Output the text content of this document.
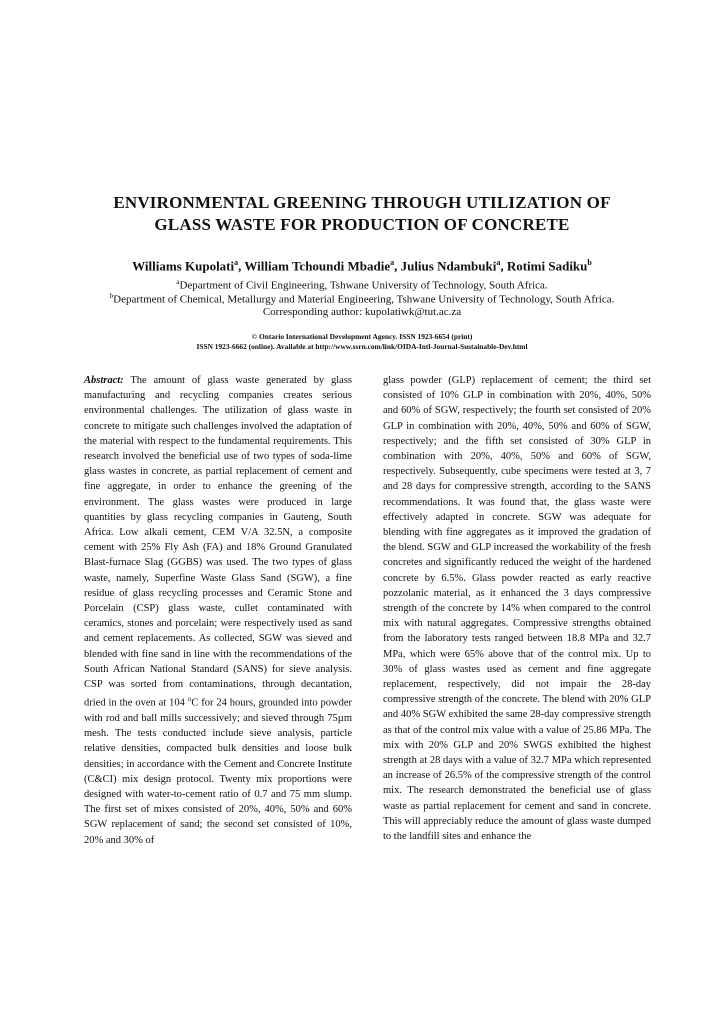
ENVIRONMENTAL GREENING THROUGH UTILIZATION OF
GLASS WASTE FOR PRODUCTION OF CONCRETE
Williams Kupolati$^a$, William Tchoundi Mbadie$^a$, Julius Ndambuki$^a$, Rotimi Sadiku$^b$
$^a$Department of Civil Engineering, Tshwane University of Technology, South Africa.
$^b$Department of Chemical, Metallurgy and Material Engineering, Tshwane University of Technology, South Africa.
Corresponding author: kupolatiwk@tut.ac.za
© Ontario International Development Agency. ISSN 1923-6654 (print)
ISSN 1923-6662 (online). Available at http://www.ssrn.com/link/OIDA-Intl-Journal-Sustainable-Dev.html

Abstract: The amount of glass waste generated by glass manufacturing and recycling companies creates serious environmental challenges. The utilization of glass waste in concrete to mitigate such challenges involved the adaptation of the material with respect to the fundamental requirements. This research involved the beneficial use of two types of soda-lime glass wastes in concrete, as partial replacement of cement and fine aggregate, in order to enhance the greening of the environment. The glass wastes were produced in large quantities by glass recycling companies in Gauteng, South Africa. Low alkali cement, CEM V/A 32.5N, a composite cement with 25% Fly Ash (FA) and 18% Ground Granulated Blast-furnace Slag (GGBS) was used. The two types of glass waste, namely, Superfine Waste Glass Sand (SGW), a fine residue of glass recycling processes and Ceramic Stone and Porcelain (CSP) glass waste, cullet contaminated with ceramics, stones and porcelain; were respectively used as sand and cement replacements. As collected, SGW was sieved and blended with fine sand in line with the recommendations of the South African National Standard (SANS) for sieve analysis. CSP was sorted from contaminations, through decantation, dried in the oven at 104 $^o$C for 24 hours, grounded into powder with rod and ball mills successively; and sieved through 75µm mesh. The tests conducted include sieve analysis, particle relative densities, compacted bulk densities and loose bulk densities; in accordance with the Cement and Concrete Institute (C&CI) mix design protocol. Twenty mix proportions were designed with water-to-cement ratio of 0.7 and 75 mm slump. The first set of mixes consisted of 20%, 40%, 50% and 60% SGW replacement of sand; the second set consisted of 10%, 20% and 30% of

glass powder (GLP) replacement of cement; the third set consisted of 10% GLP in combination with 20%, 40%, 50% and 60% of SGW, respectively; the fourth set consisted of 20% GLP in combination with 20%, 40%, 50% and 60% of SGW, respectively; and the fifth set consisted of 30% GLP in combination with 20%, 40%, 50% and 60% of SGW, respectively. Subsequently, cube specimens were tested at 3, 7 and 28 days for compressive strength, according to the SANS recommendations. It was found that, the glass waste were effectively adapted in concrete. SGW was adequate for blending with fine aggregates as it improved the gradation of the blend. SGW and GLP increased the workability of the fresh concretes and significantly reduced the weight of the hardened concrete by 6.5%. Glass powder reacted as early reactive pozzolanic material, as it enhanced the 3 days compressive strength of the concrete by 14% when compared to the control mix with natural aggregates. Compressive strengths obtained from the laboratory tests ranged between 18.8 MPa and 32.7 MPa, which were 65% above that of the control mix. Up to 30% of glass wastes used as cement and fine aggregate replacement, respectively, did not impair the 28-day compressive strength of the concrete. The blend with 20% GLP and 40% SGW exhibited the same 28-day compressive strength as that of the control mix value with a value of 25.86 MPa. The mix with 20% GLP and 20% SWGS exhibited the highest strength at 28 days with a value of 32.7 MPa which represented an increase of 26.5% of the compressive strength of the control mix. The research demonstrated the beneficial use of glass waste as partial replacement for cement and sand in concrete. This will appreciably reduce the amount of glass waste dumped to the landfill sites and enhance the
